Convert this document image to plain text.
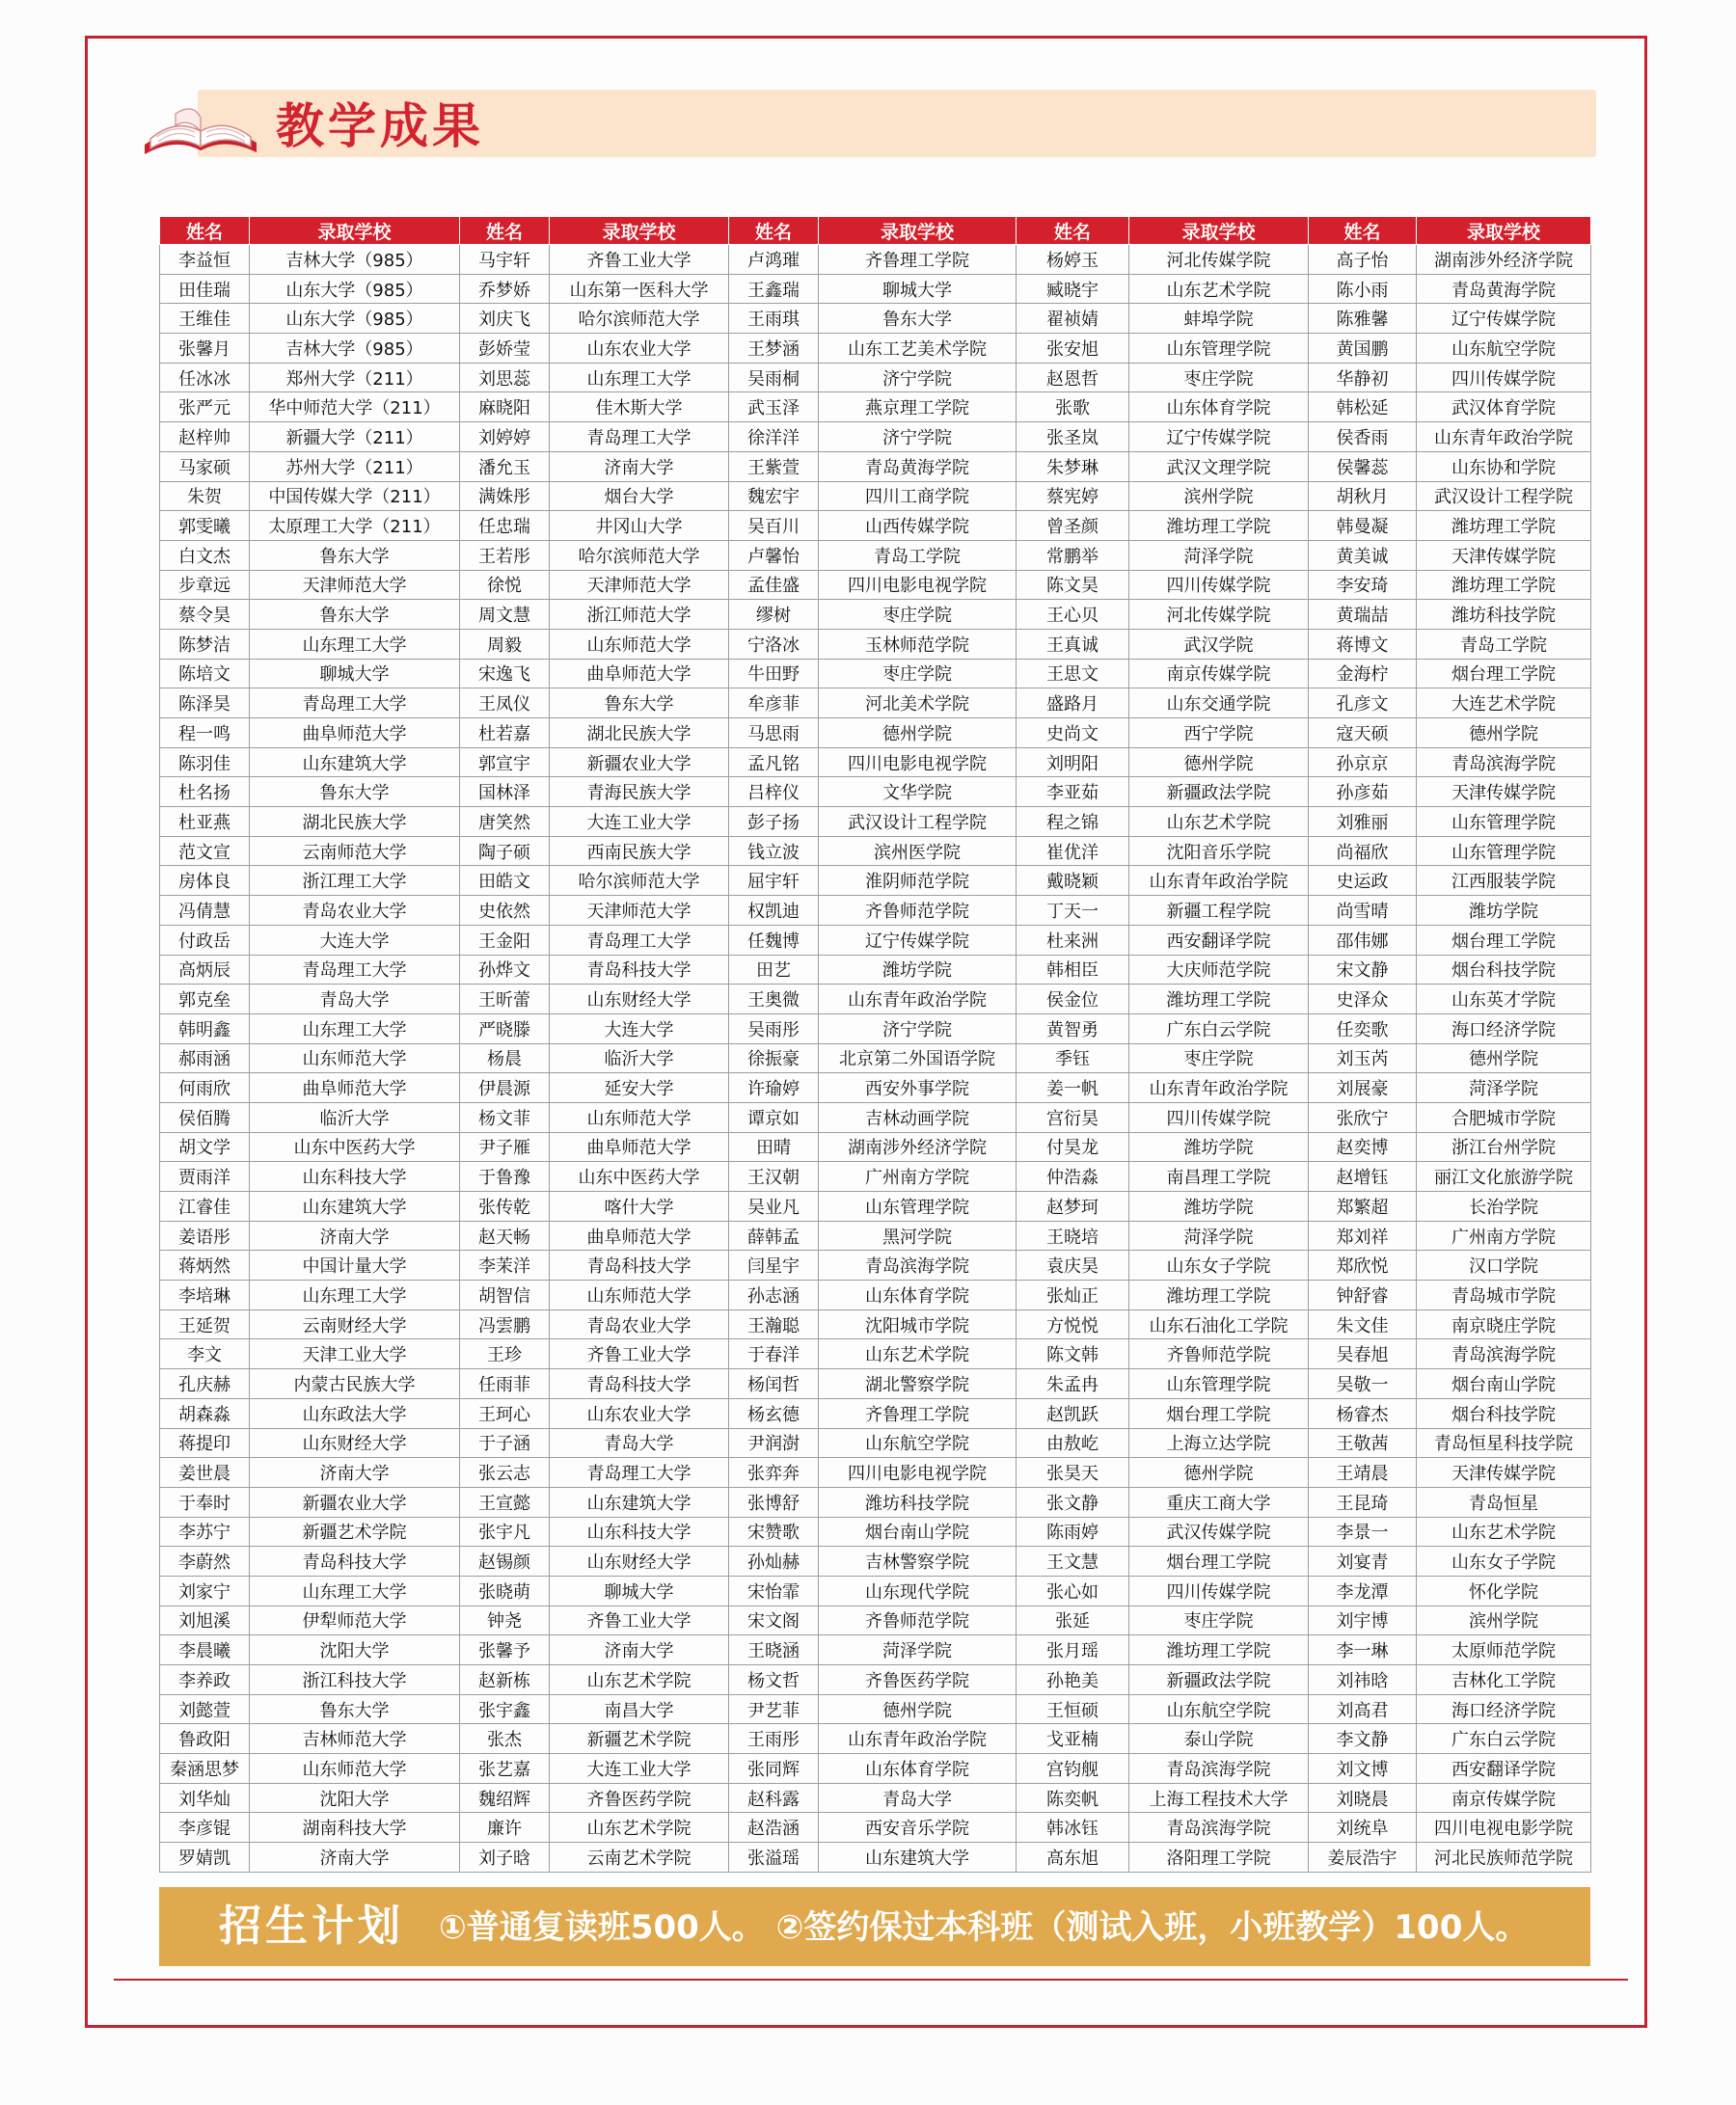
教学成果
姓名	录取学校	姓名	录取学校	姓名	录取学校	姓名	录取学校	姓名	录取学校
李益恒	吉林大学（985）	马宇轩	齐鲁工业大学	卢鸿璀	齐鲁理工学院	杨婷玉	河北传媒学院	高子怡	湖南涉外经济学院
田佳瑞	山东大学（985）	乔梦娇	山东第一医科大学	王鑫瑞	聊城大学	臧晓宇	山东艺术学院	陈小雨	青岛黄海学院
王维佳	山东大学（985）	刘庆飞	哈尔滨师范大学	王雨琪	鲁东大学	翟祯婧	蚌埠学院	陈雅馨	辽宁传媒学院
张馨月	吉林大学（985）	彭娇莹	山东农业大学	王梦涵	山东工艺美术学院	张安旭	山东管理学院	黄国鹏	山东航空学院
任冰冰	郑州大学（211）	刘思蕊	山东理工大学	吴雨桐	济宁学院	赵恩哲	枣庄学院	华静初	四川传媒学院
张严元	华中师范大学（211）	麻晓阳	佳木斯大学	武玉泽	燕京理工学院	张歌	山东体育学院	韩松延	武汉体育学院
赵梓帅	新疆大学（211）	刘婷婷	青岛理工大学	徐洋洋	济宁学院	张圣岚	辽宁传媒学院	侯香雨	山东青年政治学院
马家硕	苏州大学（211）	潘允玉	济南大学	王紫萱	青岛黄海学院	朱梦琳	武汉文理学院	侯馨蕊	山东协和学院
朱贺	中国传媒大学（211）	满姝彤	烟台大学	魏宏宇	四川工商学院	蔡宪婷	滨州学院	胡秋月	武汉设计工程学院
郭雯曦	太原理工大学（211）	任忠瑞	井冈山大学	吴百川	山西传媒学院	曾圣颜	潍坊理工学院	韩曼凝	潍坊理工学院
白文杰	鲁东大学	王若彤	哈尔滨师范大学	卢馨怡	青岛工学院	常鹏举	菏泽学院	黄美诚	天津传媒学院
步章远	天津师范大学	徐悦	天津师范大学	孟佳盛	四川电影电视学院	陈文昊	四川传媒学院	李安琦	潍坊理工学院
蔡令昊	鲁东大学	周文慧	浙江师范大学	缪树	枣庄学院	王心贝	河北传媒学院	黄瑞喆	潍坊科技学院
陈梦洁	山东理工大学	周毅	山东师范大学	宁洛冰	玉林师范学院	王真诚	武汉学院	蒋博文	青岛工学院
陈培文	聊城大学	宋逸飞	曲阜师范大学	牛田野	枣庄学院	王思文	南京传媒学院	金海柠	烟台理工学院
陈泽昊	青岛理工大学	王凤仪	鲁东大学	牟彦菲	河北美术学院	盛路月	山东交通学院	孔彦文	大连艺术学院
程一鸣	曲阜师范大学	杜若嘉	湖北民族大学	马思雨	德州学院	史尚文	西宁学院	寇天硕	德州学院
陈羽佳	山东建筑大学	郭宣宇	新疆农业大学	孟凡铭	四川电影电视学院	刘明阳	德州学院	孙京京	青岛滨海学院
杜名扬	鲁东大学	国林泽	青海民族大学	吕梓仪	文华学院	李亚茹	新疆政法学院	孙彦茹	天津传媒学院
杜亚燕	湖北民族大学	唐笑然	大连工业大学	彭子扬	武汉设计工程学院	程之锦	山东艺术学院	刘雅丽	山东管理学院
范文宣	云南师范大学	陶子硕	西南民族大学	钱立波	滨州医学院	崔优洋	沈阳音乐学院	尚福欣	山东管理学院
房体良	浙江理工大学	田皓文	哈尔滨师范大学	屈宇轩	淮阴师范学院	戴晓颖	山东青年政治学院	史运政	江西服装学院
冯倩慧	青岛农业大学	史依然	天津师范大学	权凯迪	齐鲁师范学院	丁天一	新疆工程学院	尚雪晴	潍坊学院
付政岳	大连大学	王金阳	青岛理工大学	任魏博	辽宁传媒学院	杜来洲	西安翻译学院	邵伟娜	烟台理工学院
高炳辰	青岛理工大学	孙烨文	青岛科技大学	田艺	潍坊学院	韩相臣	大庆师范学院	宋文静	烟台科技学院
郭克垒	青岛大学	王昕蕾	山东财经大学	王奥微	山东青年政治学院	侯金位	潍坊理工学院	史泽众	山东英才学院
韩明鑫	山东理工大学	严晓滕	大连大学	吴雨彤	济宁学院	黄智勇	广东白云学院	任奕歌	海口经济学院
郝雨涵	山东师范大学	杨晨	临沂大学	徐振豪	北京第二外国语学院	季钰	枣庄学院	刘玉芮	德州学院
何雨欣	曲阜师范大学	伊晨源	延安大学	许瑜婷	西安外事学院	姜一帆	山东青年政治学院	刘展豪	菏泽学院
侯佰腾	临沂大学	杨文菲	山东师范大学	谭京如	吉林动画学院	宫衍昊	四川传媒学院	张欣宁	合肥城市学院
胡文学	山东中医药大学	尹子雁	曲阜师范大学	田晴	湖南涉外经济学院	付昊龙	潍坊学院	赵奕博	浙江台州学院
贾雨洋	山东科技大学	于鲁豫	山东中医药大学	王汉朝	广州南方学院	仲浩淼	南昌理工学院	赵增钰	丽江文化旅游学院
江睿佳	山东建筑大学	张传乾	喀什大学	吴业凡	山东管理学院	赵梦珂	潍坊学院	郑繁超	长治学院
姜语彤	济南大学	赵天畅	曲阜师范大学	薛韩孟	黑河学院	王晓培	菏泽学院	郑刘祥	广州南方学院
蒋炳然	中国计量大学	李茉洋	青岛科技大学	闫星宇	青岛滨海学院	袁庆昊	山东女子学院	郑欣悦	汉口学院
李培琳	山东理工大学	胡智信	山东师范大学	孙志涵	山东体育学院	张灿正	潍坊理工学院	钟舒睿	青岛城市学院
王延贺	云南财经大学	冯雲鹏	青岛农业大学	王瀚聪	沈阳城市学院	方悦悦	山东石油化工学院	朱文佳	南京晓庄学院
李文	天津工业大学	王珍	齐鲁工业大学	于春洋	山东艺术学院	陈文韩	齐鲁师范学院	吴春旭	青岛滨海学院
孔庆赫	内蒙古民族大学	任雨菲	青岛科技大学	杨闰哲	湖北警察学院	朱孟冉	山东管理学院	吴敬一	烟台南山学院
胡森淼	山东政法大学	王珂心	山东农业大学	杨玄德	齐鲁理工学院	赵凯跃	烟台理工学院	杨睿杰	烟台科技学院
蒋提印	山东财经大学	于子涵	青岛大学	尹润澍	山东航空学院	由敖屹	上海立达学院	王敬茜	青岛恒星科技学院
姜世晨	济南大学	张云志	青岛理工大学	张弈奔	四川电影电视学院	张昊天	德州学院	王靖晨	天津传媒学院
于奉时	新疆农业大学	王宣懿	山东建筑大学	张博舒	潍坊科技学院	张文静	重庆工商大学	王昆琦	青岛恒星
李苏宁	新疆艺术学院	张宇凡	山东科技大学	宋赞歌	烟台南山学院	陈雨婷	武汉传媒学院	李景一	山东艺术学院
李蔚然	青岛科技大学	赵锡颜	山东财经大学	孙灿赫	吉林警察学院	王文慧	烟台理工学院	刘宴青	山东女子学院
刘家宁	山东理工大学	张晓萌	聊城大学	宋怡霏	山东现代学院	张心如	四川传媒学院	李龙潭	怀化学院
刘旭溪	伊犁师范大学	钟尧	齐鲁工业大学	宋文阁	齐鲁师范学院	张延	枣庄学院	刘宇博	滨州学院
李晨曦	沈阳大学	张馨予	济南大学	王晓涵	菏泽学院	张月瑶	潍坊理工学院	李一琳	太原师范学院
李养政	浙江科技大学	赵新栋	山东艺术学院	杨文哲	齐鲁医药学院	孙艳美	新疆政法学院	刘祎晗	吉林化工学院
刘懿萱	鲁东大学	张宇鑫	南昌大学	尹艺菲	德州学院	王恒硕	山东航空学院	刘高君	海口经济学院
鲁政阳	吉林师范大学	张杰	新疆艺术学院	王雨彤	山东青年政治学院	戈亚楠	泰山学院	李文静	广东白云学院
秦涵思梦	山东师范大学	张艺嘉	大连工业大学	张同辉	山东体育学院	宫钧舰	青岛滨海学院	刘文博	西安翻译学院
刘华灿	沈阳大学	魏绍辉	齐鲁医药学院	赵科露	青岛大学	陈奕帆	上海工程技术大学	刘晓晨	南京传媒学院
李彦锟	湖南科技大学	廉许	山东艺术学院	赵浩涵	西安音乐学院	韩冰钰	青岛滨海学院	刘统阜	四川电视电影学院
罗婧凯	济南大学	刘子晗	云南艺术学院	张溢瑶	山东建筑大学	高东旭	洛阳理工学院	姜辰浩宇	河北民族师范学院
招生计划 ①普通复读班500人。 ②签约保过本科班（测试入班，小班教学）100人。
